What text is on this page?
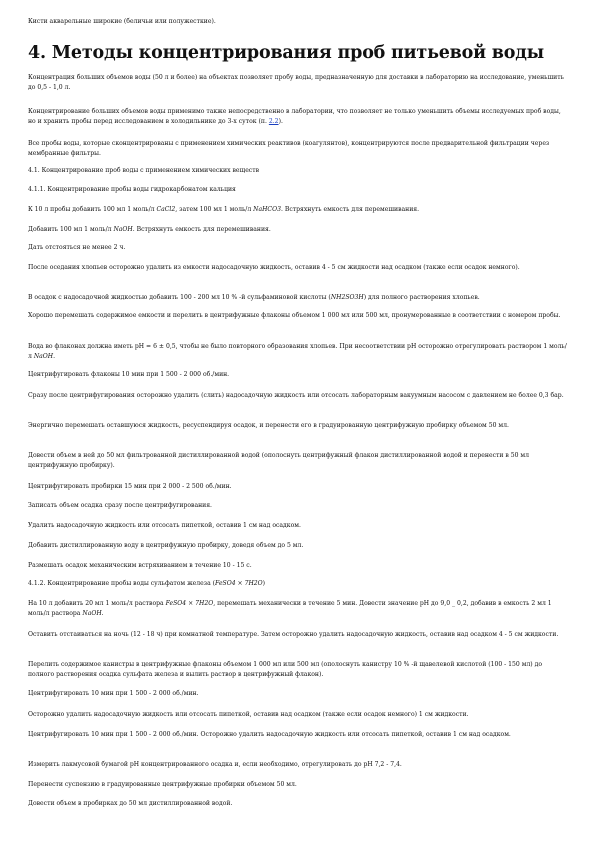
Кисти акварельные широкие (беличьи или полужесткие).
4. Методы концентрирования проб питьевой воды
Концентрация больших объемов воды (50 л и более) на объектах позволяет пробу воды, предназначенную для доставки в лабораторию на исследование, уменьшить до 0,5 - 1,0 л.
Концентрирование больших объемов воды применимо также непосредственно в лаборатории, что позволяет не только уменьшить объемы исследуемых проб воды, но и хранить пробы перед исследованием в холодильнике до 3-х суток (п. 2.2).
Все пробы воды, которые сконцентрированы с применением химических реактивов (коагулянтов), концентрируются после предварительной фильтрации через мембранные фильтры.
4.1. Концентрирование проб воды с применением химических веществ
4.1.1. Концентрирование пробы воды гидрокарбонатом кальция
К 10 л пробы добавить 100 мл 1 моль/л CaCl2, затем 100 мл 1 моль/л NaHCO3. Встряхнуть емкость для перемешивания.
Добавить 100 мл 1 моль/л NaOH. Встряхнуть емкость для перемешивания.
Дать отстояться не менее 2 ч.
После оседания хлопьев осторожно удалить из емкости надосадочную жидкость, оставив 4 - 5 см жидкости над осадком (также если осадок немного).
В осадок с надосадочной жидкостью добавить 100 - 200 мл 10 % -й сульфаминовой кислоты (NH2SO3H) для полного растворения хлопьев.
Хорошо перемешать содержимое емкости и перелить в центрифужные флаконы объемом 1 000 мл или 500 мл, пронумерованные в соответствии с номером пробы.
Вода во флаконах должна иметь pH = 6 ± 0,5, чтобы не было повторного образования хлопьев. При несоответствии pH осторожно отрегулировать раствором 1 моль/л NaOH.
Центрифугировать флаконы 10 мин при 1 500 - 2 000 об./мин.
Сразу после центрифугирования осторожно удалить (слить) надосадочную жидкость или отсосать лабораторным вакуумным насосом с давлением не более 0,3 бар.
Энергично перемешать оставшуюся жидкость, ресуспендируя осадок, и перенести его в градуированную центрифужную пробирку объемом 50 мл.
Довести объем в ней до 50 мл фильтрованной дистиллированной водой (ополоснуть центрифужный флакон дистиллированной водой и перенести в 50 мл центрифужную пробирку).
Центрифугировать пробирки 15 мин при 2 000 - 2 500 об./мин.
Записать объем осадка сразу после центрифугирования.
Удалить надосадочную жидкость или отсосать пипеткой, оставив 1 см над осадком.
Добавить дистиллированную воду в центрифужную пробирку, доведя объем до 5 мл.
Размешать осадок механическим встряхиванием в течение 10 - 15 с.
4.1.2. Концентрирование пробы воды сульфатом железа (FeSO4 × 7H2O)
На 10 л добавить 20 мл 1 моль/л раствора FeSO4 × 7H2O, перемешать механически в течение 5 мин. Довести значение pH до 9,0 _ 0,2, добавив в емкость 2 мл 1 моль/л раствора NaOH.
Оставить отстаиваться на ночь (12 - 18 ч) при комнатной температуре. Затем осторожно удалить надосадочную жидкость, оставив над осадком 4 - 5 см жидкости.
Перелить содержимое канистры в центрифужные флаконы объемом 1 000 мл или 500 мл (ополоснуть канистру 10 % -й щавелевой кислотой (100 - 150 мл) до полного растворения осадка сульфата железа и вылить раствор в центрифужный флакон).
Центрифугировать 10 мин при 1 500 - 2 000 об./мин.
Осторожно удалить надосадочную жидкость или отсосать пипеткой, оставив над осадком (также если осадок немного) 1 см жидкости.
Центрифугировать 10 мин при 1 500 - 2 000 об./мин. Осторожно удалить надосадочную жидкость или отсосать пипеткой, оставив 1 см над осадком.
Измерить лакмусовой бумагой pH концентрированного осадка и, если необходимо, отрегулировать до pH 7,2 - 7,4.
Перенести суспензию в градуированные центрифужные пробирки объемом 50 мл.
Довести объем в пробирках до 50 мл дистиллированной водой.
